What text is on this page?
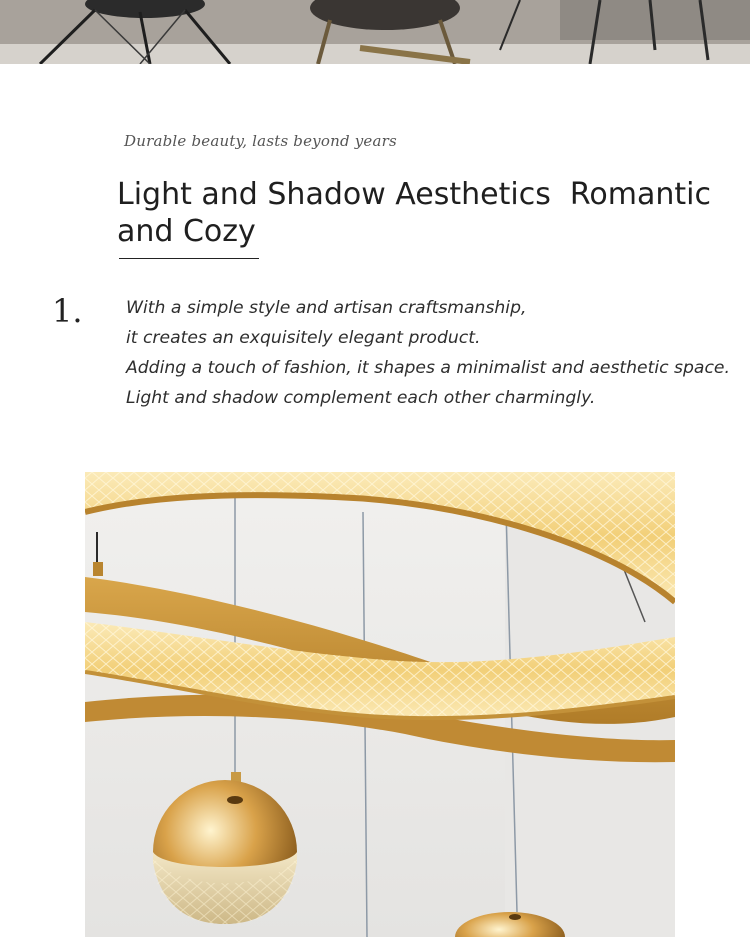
Durable beauty, lasts beyond years
Light and Shadow Aesthetics  Romantic and Cozy
1.	With a simple style and artisan craftsmanship,
it creates an exquisitely elegant product.
Adding a touch of fashion, it shapes a minimalist and aesthetic space.
Light and shadow complement each other charmingly.
